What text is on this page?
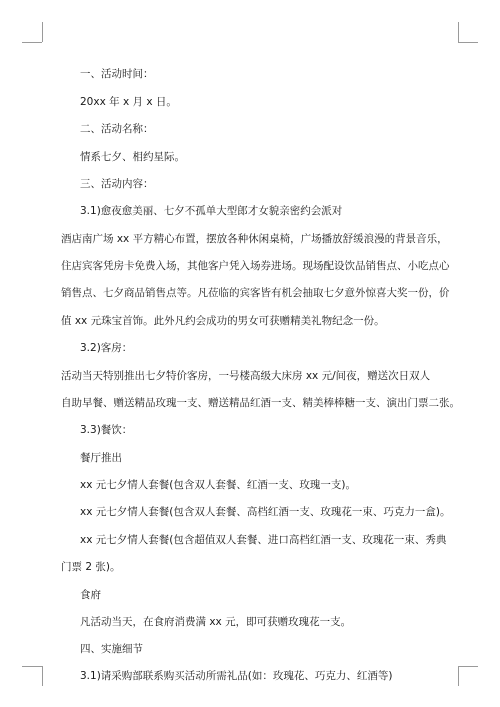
一、活动时间：
20xx 年 x 月 x 日。
二、活动名称：
情系七夕、相约星际。
三、活动内容：
3.1)愈夜愈美丽、七夕不孤单大型郎才女貌亲密约会派对
酒店南广场 xx 平方精心布置，摆放各种休闲桌椅，广场播放舒缓浪漫的背景音乐，
住店宾客凭房卡免费入场，其他客户凭入场券进场。现场配设饮品销售点、小吃点心
销售点、七夕商品销售点等。凡莅临的宾客皆有机会抽取七夕意外惊喜大奖一份，价
值 xx 元珠宝首饰。此外凡约会成功的男女可获赠精美礼物纪念一份。
3.2)客房：
活动当天特别推出七夕特价客房，一号楼高级大床房 xx 元/间夜，赠送次日双人
自助早餐、赠送精品玫瑰一支、赠送精品红酒一支、精美棒棒糖一支、演出门票二张。
3.3)餐饮：
餐厅推出
xx 元七夕情人套餐(包含双人套餐、红酒一支、玫瑰一支)。
xx 元七夕情人套餐(包含双人套餐、高档红酒一支、玫瑰花一束、巧克力一盒)。
xx 元七夕情人套餐(包含超值双人套餐、进口高档红酒一支、玫瑰花一束、秀典
门票 2 张)。
食府
凡活动当天，在食府消费满 xx 元，即可获赠玫瑰花一支。
四、实施细节
3.1)请采购部联系购买活动所需礼品(如：玫瑰花、巧克力、红酒等)
